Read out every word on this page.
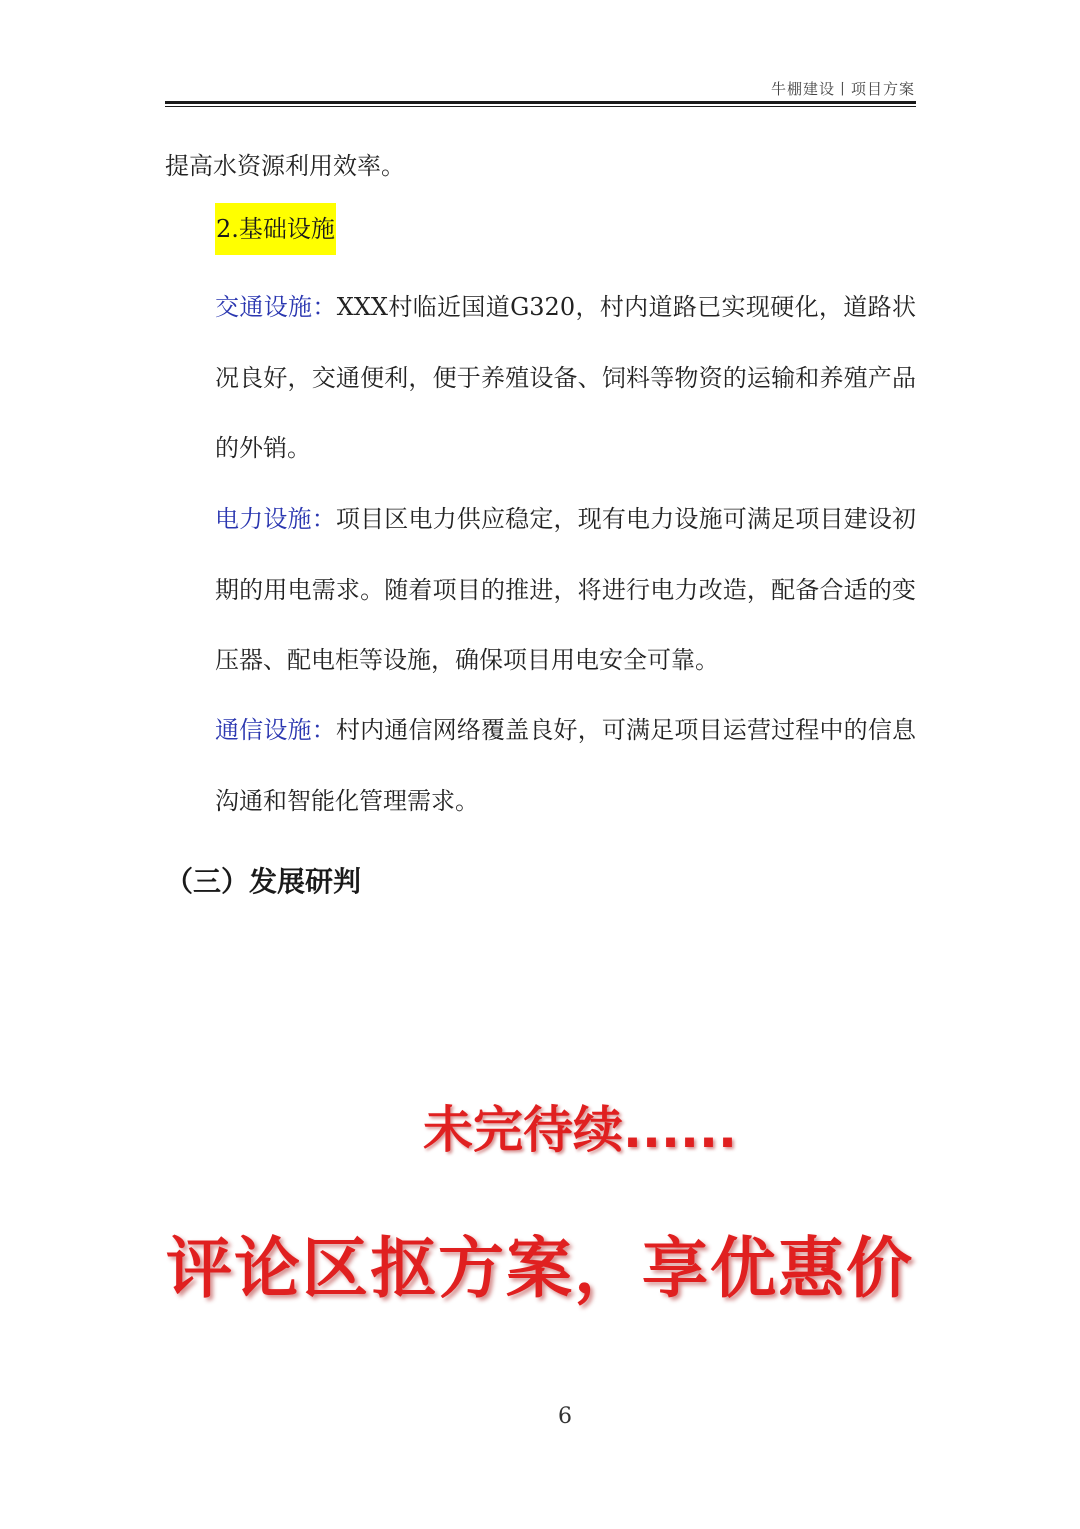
牛棚建设丨项目方案
提高水资源利用效率。
2.基础设施
交通设施：XXX村临近国道G320，村内道路已实现硬化，道路状况良好，交通便利，便于养殖设备、饲料等物资的运输和养殖产品的外销。
电力设施：项目区电力供应稳定，现有电力设施可满足项目建设初期的用电需求。随着项目的推进，将进行电力改造，配备合适的变压器、配电柜等设施，确保项目用电安全可靠。
通信设施：村内通信网络覆盖良好，可满足项目运营过程中的信息沟通和智能化管理需求。
（三）发展研判
未完待续......
评论区抠方案，享优惠价
6
